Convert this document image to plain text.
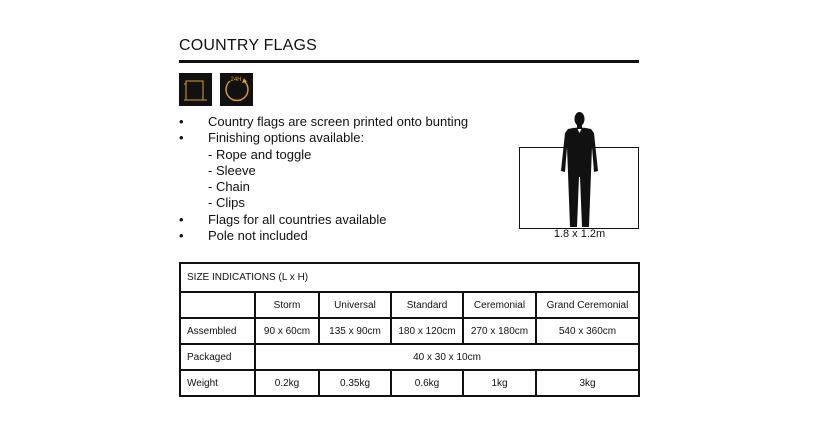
COUNTRY FLAGS
24H
•	Country flags are screen printed onto bunting
•	Finishing options available:
- Rope and toggle
- Sleeve
- Chain
- Clips
•	Flags for all countries available
•	Pole not included	1.8 x 1.2m
SIZE INDICATIONS (L x H)					
	Storm	Universal	Standard	Ceremonial	Grand Ceremonial
Assembled	90 x 60cm	135 x 90cm	180 x 120cm	270 x 180cm	540 x 360cm
Packaged	40 x 30 x 10cm				
Weight	0.2kg	0.35kg	0.6kg	1kg	3kg
